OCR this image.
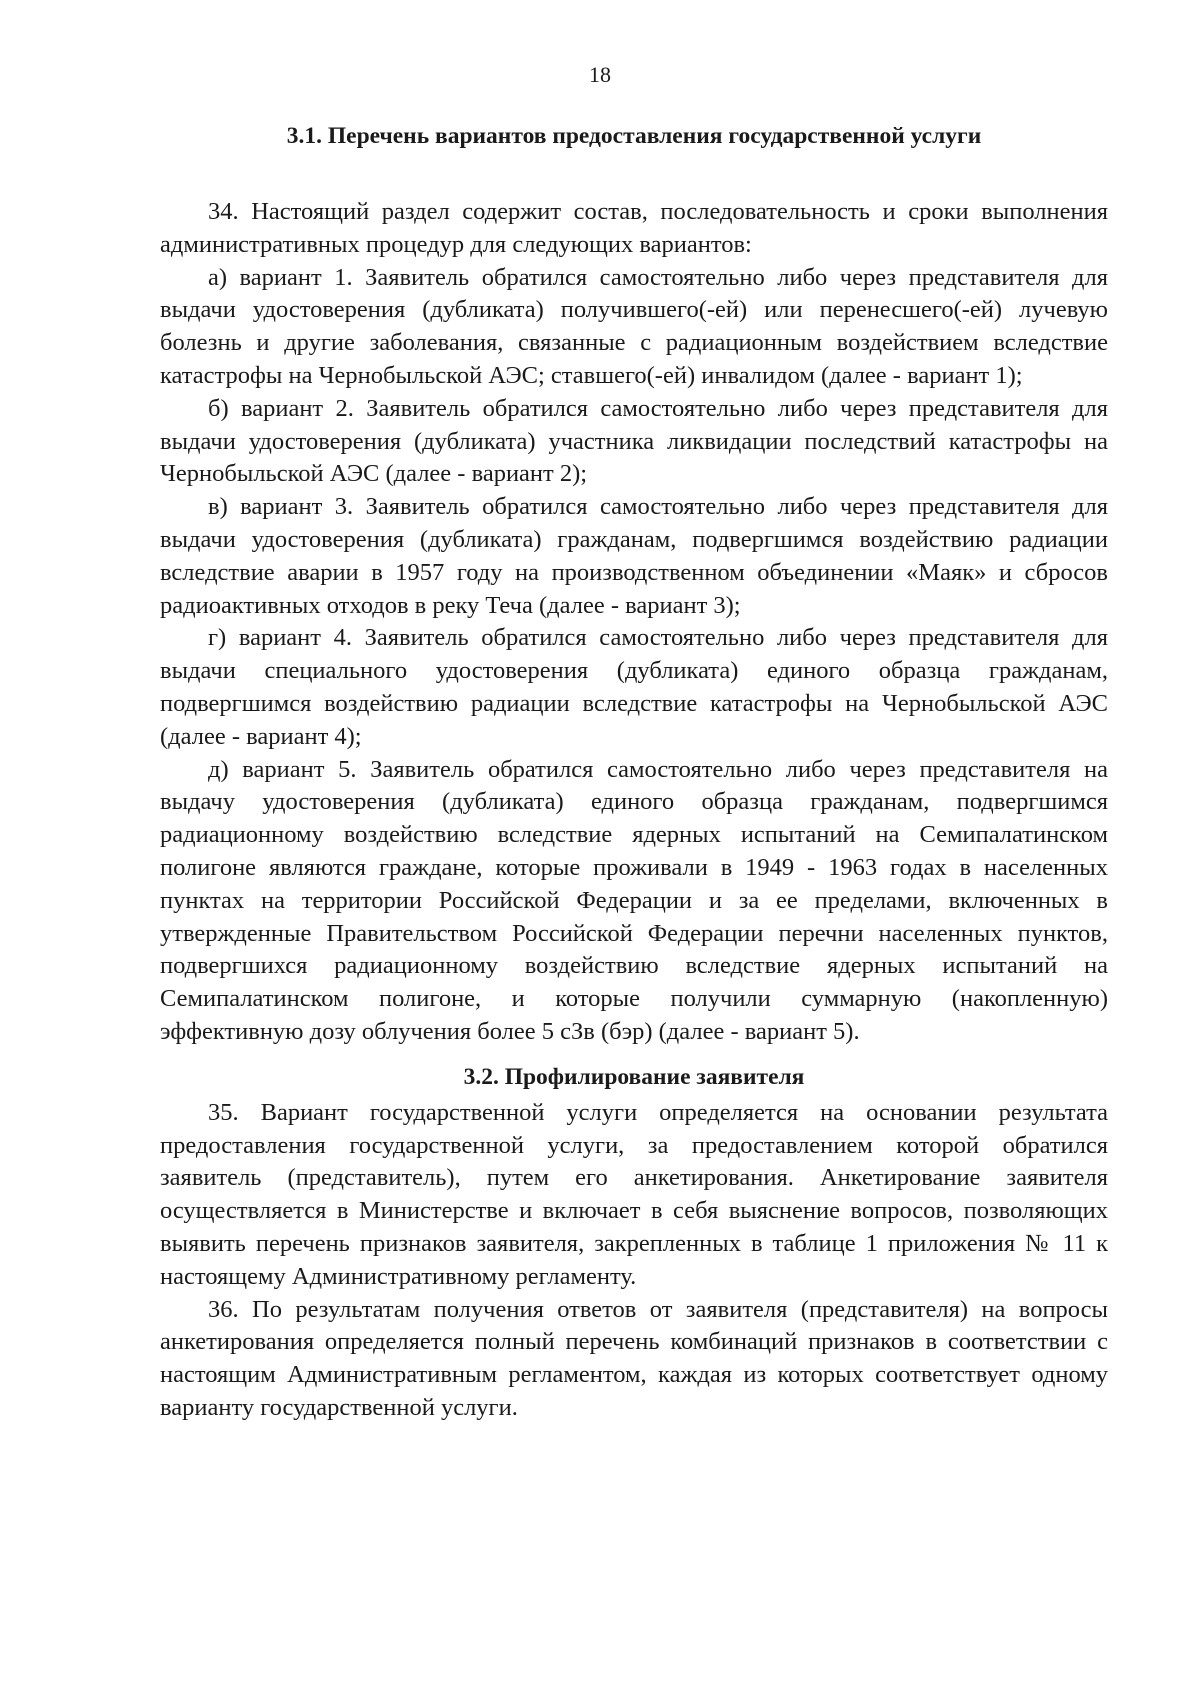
18
3.1. Перечень вариантов предоставления государственной услуги

34. Настоящий раздел содержит состав, последовательность и сроки выполнения административных процедур для следующих вариантов:

а) вариант 1. Заявитель обратился самостоятельно либо через представителя для выдачи удостоверения (дубликата) получившего(-ей) или перенесшего(-ей) лучевую болезнь и другие заболевания, связанные с радиационным воздействием вследствие катастрофы на Чернобыльской АЭС; ставшего(-ей) инвалидом (далее - вариант 1);

б) вариант 2. Заявитель обратился самостоятельно либо через представителя для выдачи удостоверения (дубликата) участника ликвидации последствий катастрофы на Чернобыльской АЭС (далее - вариант 2);

в) вариант 3. Заявитель обратился самостоятельно либо через представителя для выдачи удостоверения (дубликата) гражданам, подвергшимся воздействию радиации вследствие аварии в 1957 году на производственном объединении «Маяк» и сбросов радиоактивных отходов в реку Теча (далее - вариант 3);

г) вариант 4. Заявитель обратился самостоятельно либо через представителя для выдачи специального удостоверения (дубликата) единого образца гражданам, подвергшимся воздействию радиации вследствие катастрофы на Чернобыльской АЭС (далее - вариант 4);

д) вариант 5. Заявитель обратился самостоятельно либо через представителя на выдачу удостоверения (дубликата) единого образца гражданам, подвергшимся радиационному воздействию вследствие ядерных испытаний на Семипалатинском полигоне являются граждане, которые проживали в 1949 - 1963 годах в населенных пунктах на территории Российской Федерации и за ее пределами, включенных в утвержденные Правительством Российской Федерации перечни населенных пунктов, подвергшихся радиационному воздействию вследствие ядерных испытаний на Семипалатинском полигоне, и которые получили суммарную (накопленную) эффективную дозу облучения более 5 сЗв (бэр) (далее - вариант 5).

3.2. Профилирование заявителя

35. Вариант государственной услуги определяется на основании результата предоставления государственной услуги, за предоставлением которой обратился заявитель (представитель), путем его анкетирования. Анкетирование заявителя осуществляется в Министерстве и включает в себя выяснение вопросов, позволяющих выявить перечень признаков заявителя, закрепленных в таблице 1 приложения № 11 к настоящему Административному регламенту.

36. По результатам получения ответов от заявителя (представителя) на вопросы анкетирования определяется полный перечень комбинаций признаков в соответствии с настоящим Административным регламентом, каждая из которых соответствует одному варианту государственной услуги.
